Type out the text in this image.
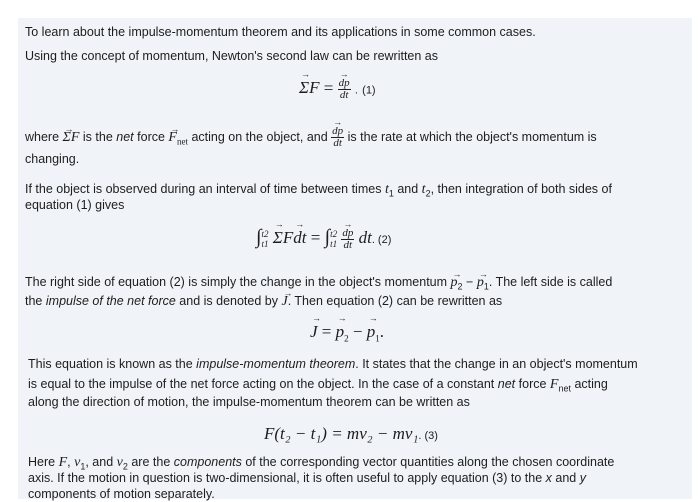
To learn about the impulse-momentum theorem and its applications in some common cases.
Using the concept of momentum, Newton's second law can be rewritten as
→ ΣF = → $\frac{dp}{dt}$ . (1)
where → ΣF is the net force → $F_{net}$ acting on the object, and → $\frac{dp}{dt}$ is the rate at which the object's momentum is
changing.
If the object is observed during an interval of time between times $t_1$ and $t_2$, then integration of both sides of
equation (1) gives
∫ t2
t1 → ΣF→ dt = ∫ t2
t1
→ $\frac{dp}{dt}$ dt. (2)
The right side of equation (2) is simply the change in the object's momentum → $p_2$ − → $p_1$. The left side is called
the impulse of the net force and is denoted by → J. Then equation (2) can be rewritten as
→ J = → $p_2$ − → $p_1$.
This equation is known as the impulse-momentum theorem. It states that the change in an object's momentum
is equal to the impulse of the net force acting on the object. In the case of a constant net force $F_{net}$ acting
along the direction of motion, the impulse-momentum theorem can be written as
F(t₂ − t₁) = mv₂ − mv₁. (3)
Here F, $v_1$, and $v_2$ are the components of the corresponding vector quantities along the chosen coordinate
axis. If the motion in question is two-dimensional, it is often useful to apply equation (3) to the x and y
components of motion separately.
